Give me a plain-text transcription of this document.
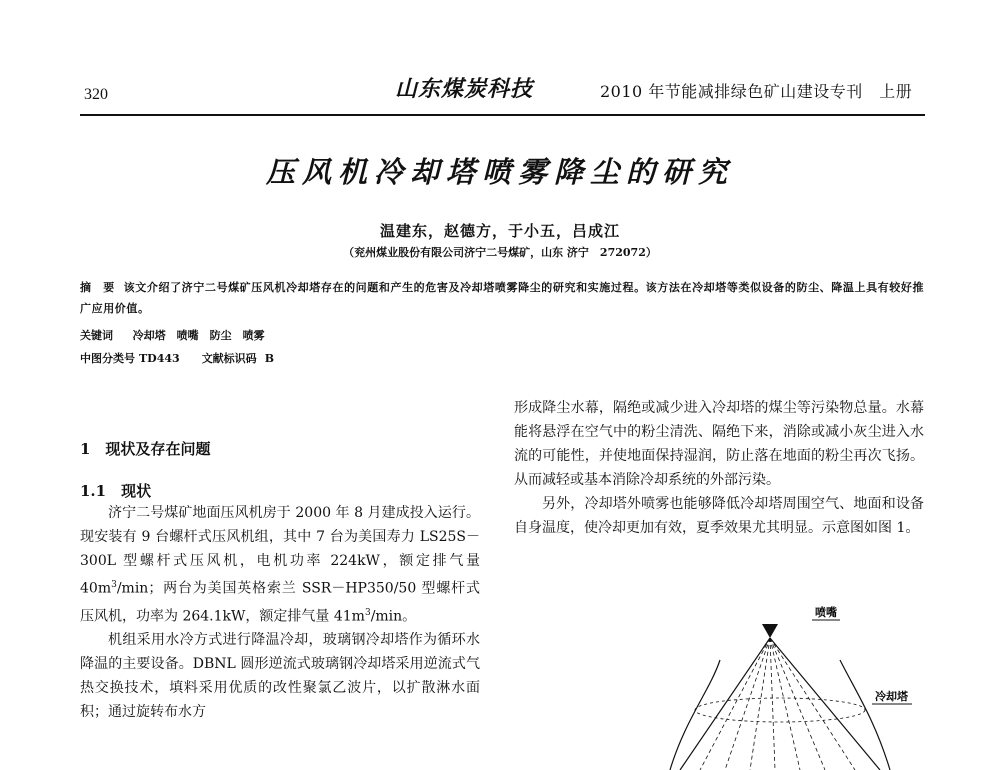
320	山东煤炭科技	2010 年节能减排绿色矿山建设专刊　上册
压风机冷却塔喷雾降尘的研究
温建东，赵德方，于小五，吕成江
（兖州煤业股份有限公司济宁二号煤矿，山东 济宁　272072）
摘　要 该文介绍了济宁二号煤矿压风机冷却塔存在的问题和产生的危害及冷却塔喷雾降尘的研究和实施过程。该方法在冷却塔等类似设备的防尘、降温上具有较好推广应用价值。
关键词 冷却塔　喷嘴　防尘　喷雾
中图分类号 TD443 文献标识码 B
1　现状及存在问题
1.1　现状

济宁二号煤矿地面压风机房于 2000 年 8 月建成投入运行。现安装有 9 台螺杆式压风机组，其中 7 台为美国寿力 LS25S－300L 型螺杆式压风机，电机功率 224kW，额定排气量 $40m^3/\min$；两台为美国英格索兰 SSR－HP350/50 型螺杆式压风机，功率为 264.1kW，额定排气量 $41m^3/\min$。

机组采用水冷方式进行降温冷却，玻璃钢冷却塔作为循环水降温的主要设备。DBNL 圆形逆流式玻璃钢冷却塔采用逆流式气热交换技术，填料采用优质的改性聚氯乙波片，以扩散淋水面积；通过旋转布水方

形成降尘水幕，隔绝或减少进入冷却塔的煤尘等污染物总量。水幕能将悬浮在空气中的粉尘清洗、隔绝下来，消除或减小灰尘进入水流的可能性，并使地面保持湿润，防止落在地面的粉尘再次飞扬。从而减轻或基本消除冷却系统的外部污染。

另外，冷却塔外喷雾也能够降低冷却塔周围空气、地面和设备自身温度，使冷却更加有效，夏季效果尤其明显。示意图如图 1。

喷嘴
冷却塔
